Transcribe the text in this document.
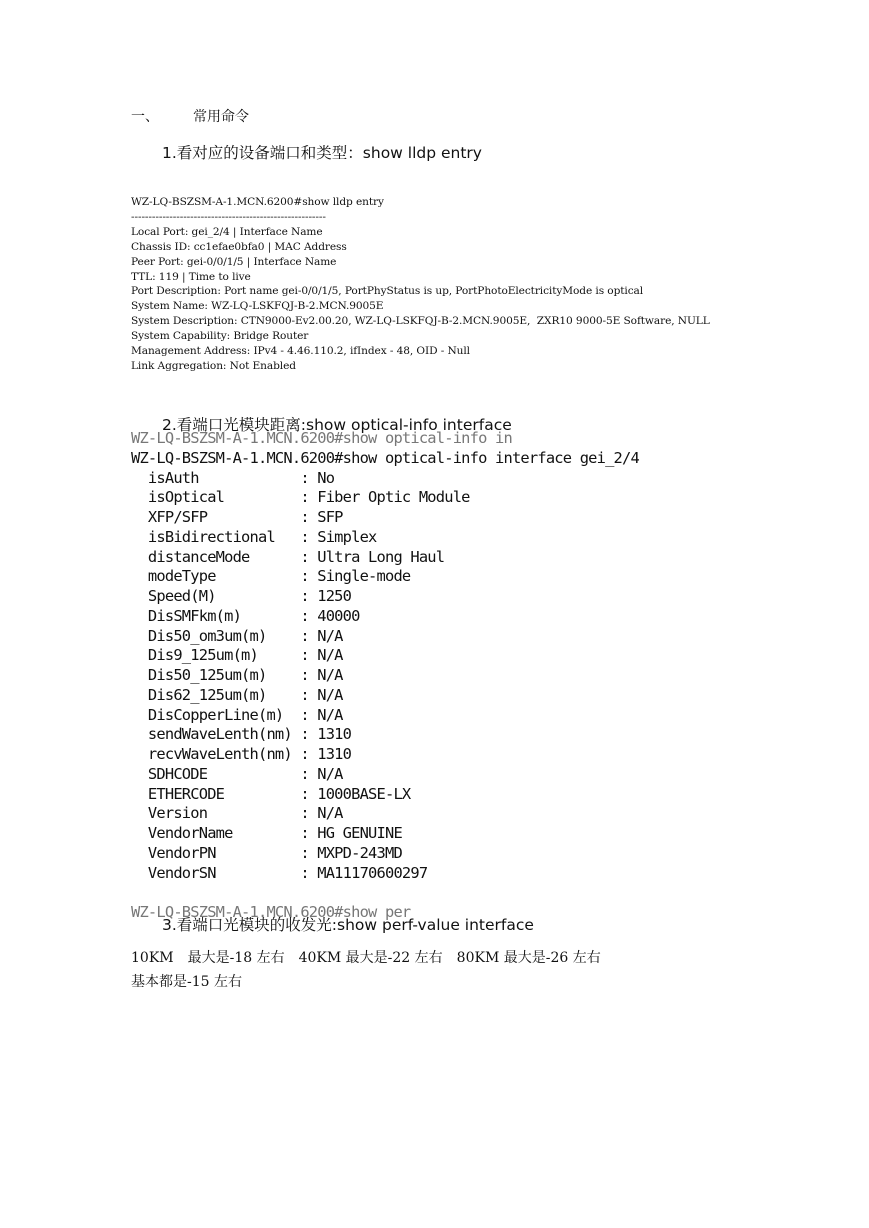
一、 常用命令
1.看对应的设备端口和类型：show lldp entry
WZ-LQ-BSZSM-A-1.MCN.6200#show lldp entry
--------------------------------------------------------
Local Port: gei_2/4 | Interface Name
Chassis ID: cc1efae0bfa0 | MAC Address
Peer Port: gei-0/0/1/5 | Interface Name
TTL: 119 | Time to live
Port Description: Port name gei-0/0/1/5, PortPhyStatus is up, PortPhotoElectricityMode is optical
System Name: WZ-LQ-LSKFQJ-B-2.MCN.9005E
System Description: CTN9000-Ev2.00.20, WZ-LQ-LSKFQJ-B-2.MCN.9005E,  ZXR10 9000-5E Software, NULL
System Capability: Bridge Router
Management Address: IPv4 - 4.46.110.2, ifIndex - 48, OID - Null
Link Aggregation: Not Enabled

2.看端口光模块距离:show optical-info interface
WZ-LQ-BSZSM-A-1.MCN.6200#show optical-info in
WZ-LQ-BSZSM-A-1.MCN.6200#show optical-info interface gei_2/4
isAuth            : No
isOptical         : Fiber Optic Module
XFP/SFP           : SFP
isBidirectional   : Simplex
distanceMode      : Ultra Long Haul
modeType          : Single-mode
Speed(M)          : 1250
DisSMFkm(m)       : 40000
Dis50_om3um(m)    : N/A
Dis9_125um(m)     : N/A
Dis50_125um(m)    : N/A
Dis62_125um(m)    : N/A
DisCopperLine(m)  : N/A
sendWaveLenth(nm) : 1310
recvWaveLenth(nm) : 1310
SDHCODE           : N/A
ETHERCODE         : 1000BASE-LX
Version           : N/A
VendorName        : HG GENUINE
VendorPN          : MXPD-243MD
VendorSN          : MA11170600297

WZ-LQ-BSZSM-A-1.MCN.6200#show per
3.看端口光模块的收发光:show perf-value interface
10KM　最大是-18 左右 40KM 最大是-22 左右 80KM 最大是-26 左右
基本都是-15 左右
